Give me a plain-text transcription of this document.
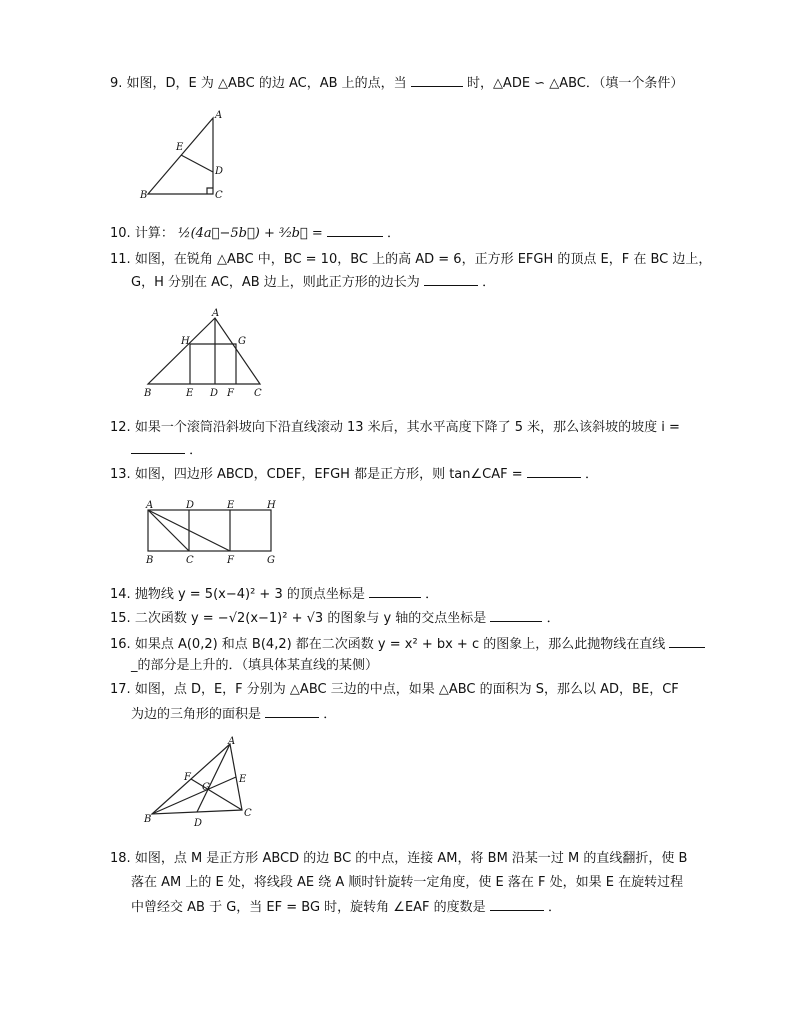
9. 如图，D，E 为 △ABC 的边 AC，AB 上的点，当	时，△ADE ∽ △ABC．（填一个条件）
A
B	C
D
E
10. 计算： ½(4a⃗−5b⃗) + ³⁄₂b⃗ =	．
11. 如图，在锐角 △ABC 中，BC = 10，BC 上的高 AD = 6，正方形 EFGH 的顶点 E，F 在 BC 边上，
G，H 分别在 AC，AB 边上，则此正方形的边长为	．
A
B	E D F C
H	G
12. 如果一个滚筒沿斜坡向下沿直线滚动 13 米后，其水平高度下降了 5 米，那么该斜坡的坡度 i =
．
13. 如图，四边形 ABCD，CDEF，EFGH 都是正方形，则 tan∠CAF =	．
A	D	E	H
B	C	F	G
14. 抛物线 y = 5(x−4)² + 3 的顶点坐标是	．
15. 二次函数 y = −√2(x−1)² + √3 的图象与 y 轴的交点坐标是	．
16. 如果点 A(0,2) 和点 B(4,2) 都在二次函数 y = x² + bx + c 的图象上，那么此抛物线在直线
_的部分是上升的．（填具体某直线的某侧）
17. 如图，点 D，E，F 分别为 △ABC 三边的中点，如果 △ABC 的面积为 S，那么以 AD，BE，CF
为边的三角形的面积是	．
A
B
C
D
E
F
G
18. 如图，点 M 是正方形 ABCD 的边 BC 的中点，连接 AM，将 BM 沿某一过 M 的直线翻折，使 B
落在 AM 上的 E 处，将线段 AE 绕 A 顺时针旋转一定角度，使 E 落在 F 处，如果 E 在旋转过程
中曾经交 AB 于 G，当 EF = BG 时，旋转角 ∠EAF 的度数是	．
